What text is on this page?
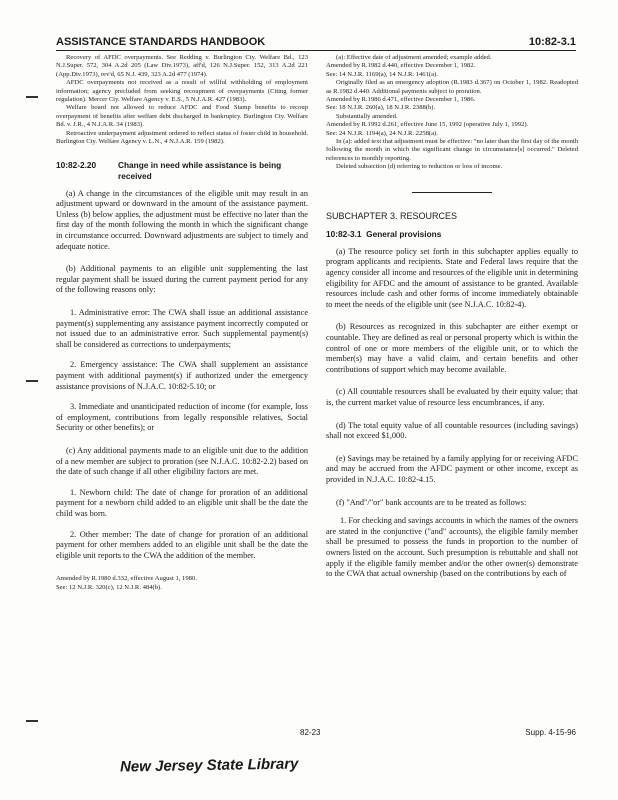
ASSISTANCE STANDARDS HANDBOOK	10:82-3.1

Recovery of AFDC overpayments. See Redding v. Burlington Cty. Welfare Bd., 123 N.J.Super. 572, 304 A.2d 205 (Law Div.1973), aff'd, 126 N.J.Super. 152, 313 A.2d 221 (App.Div.1973), rev'd, 65 N.J. 439, 323 A.2d 477 (1974).

AFDC overpayments not received as a result of willful withholding of employment information; agency precluded from seeking recoupment of overpayments (Citing former regulation). Mercer Cty. Welfare Agency v. E.S., 5 N.J.A.R. 427 (1983).

Welfare board not allowed to reduce AFDC and Food Stamp benefits to recoup overpayment of benefits after welfare debt discharged in bankruptcy. Burlington Cty. Welfare Bd. v. J.R., 4 N.J.A.R. 34 (1983).

Retroactive underpayment adjustment ordered to reflect status of foster child in household. Burlington Cty. Welfare Agency v. L.N., 4 N.J.A.R. 159 (1982).

10:82-2.20	Change in need while assistance is being received

(a) A change in the circumstances of the eligible unit may result in an adjustment upward or downward in the amount of the assistance payment. Unless (b) below applies, the adjustment must be effective no later than the first day of the month following the month in which the significant change in circumstance occurred. Downward adjustments are subject to timely and adequate notice.

(b) Additional payments to an eligible unit supplementing the last regular payment shall be issued during the current payment period for any of the following reasons only:

1. Administrative error: The CWA shall issue an additional assistance payment(s) supplementing any assistance payment incorrectly computed or not issued due to an administrative error. Such supplemental payment(s) shall be considered as corrections to underpayments;

2. Emergency assistance: The CWA shall supplement an assistance payment with additional payment(s) if authorized under the emergency assistance provisions of N.J.A.C. 10:82-5.10; or

3. Immediate and unanticipated reduction of income (for example, loss of employment, contributions from legally responsible relatives, Social Security or other benefits); or

(c) Any additional payments made to an eligible unit due to the addition of a new member are subject to proration (see N.J.A.C. 10:82-2.2) based on the date of such change if all other eligibility factors are met.

1. Newborn child: The date of change for proration of an additional payment for a newborn child added to an eligible unit shall be the date the child was born.

2. Other member: The date of change for proration of an additional payment for other members added to an eligible unit shall be the date the eligible unit reports to the CWA the addition of the member.

Amended by R.1980 d.332, effective August 1, 1980.

See: 12 N.J.R. 320(c), 12 N.J.R. 484(b).

(a): Effective date of adjustment amended; example added.

Amended by R.1982 d.440, effective December 1, 1982.

See: 14 N.J.R. 1169(a), 14 N.J.R. 1461(a).

Originally filed as an emergency adoption (R.1983 d.367) on October 1, 1982. Readopted as R.1982 d.440. Additional payments subject to proration.

Amended by R.1986 d.471, effective December 1, 1986.

See: 18 N.J.R. 260(a), 18 N.J.R. 2388(b).

Substantially amended.

Amended by R.1992 d.261, effective June 15, 1992 (operative July 1, 1992).

See: 24 N.J.R. 1194(a), 24 N.J.R. 2258(a).

In (a): added text that adjustment must be effective: "no later than the first day of the month following the month in which the significant change in circumstance[s] occurred." Deleted references to monthly reporting.

Deleted subsection (d) referring to reduction or loss of income.

SUBCHAPTER 3. RESOURCES
10:82-3.1 General provisions

(a) The resource policy set forth in this subchapter applies equally to program applicants and recipients. State and Federal laws require that the agency consider all income and resources of the eligible unit in determining eligibility for AFDC and the amount of assistance to be granted. Available resources include cash and other forms of income immediately obtainable to meet the needs of the eligible unit (see N.J.A.C. 10:82-4).

(b) Resources as recognized in this subchapter are either exempt or countable. They are defined as real or personal property which is within the control of one or more members of the eligible unit, or to which the member(s) may have a valid claim, and certain benefits and other contributions of support which may become available.

(c) All countable resources shall be evaluated by their equity value; that is, the current market value of resource less encumbrances, if any.

(d) The total equity value of all countable resources (including savings) shall not exceed $1,000.

(e) Savings may be retained by a family applying for or receiving AFDC and may be accrued from the AFDC payment or other income, except as provided in N.J.A.C. 10:82-4.15.

(f) "And"/"or" bank accounts are to be treated as follows:

1. For checking and savings accounts in which the names of the owners are stated in the conjunctive ("and" accounts), the eligible family member shall be presumed to possess the funds in proportion to the number of owners listed on the account. Such presumption is rebuttable and shall not apply if the eligible family member and/or the other owner(s) demonstrate to the CWA that actual ownership (based on the contributions by each of

82-23	Supp. 4-15-96
New Jersey State Library
